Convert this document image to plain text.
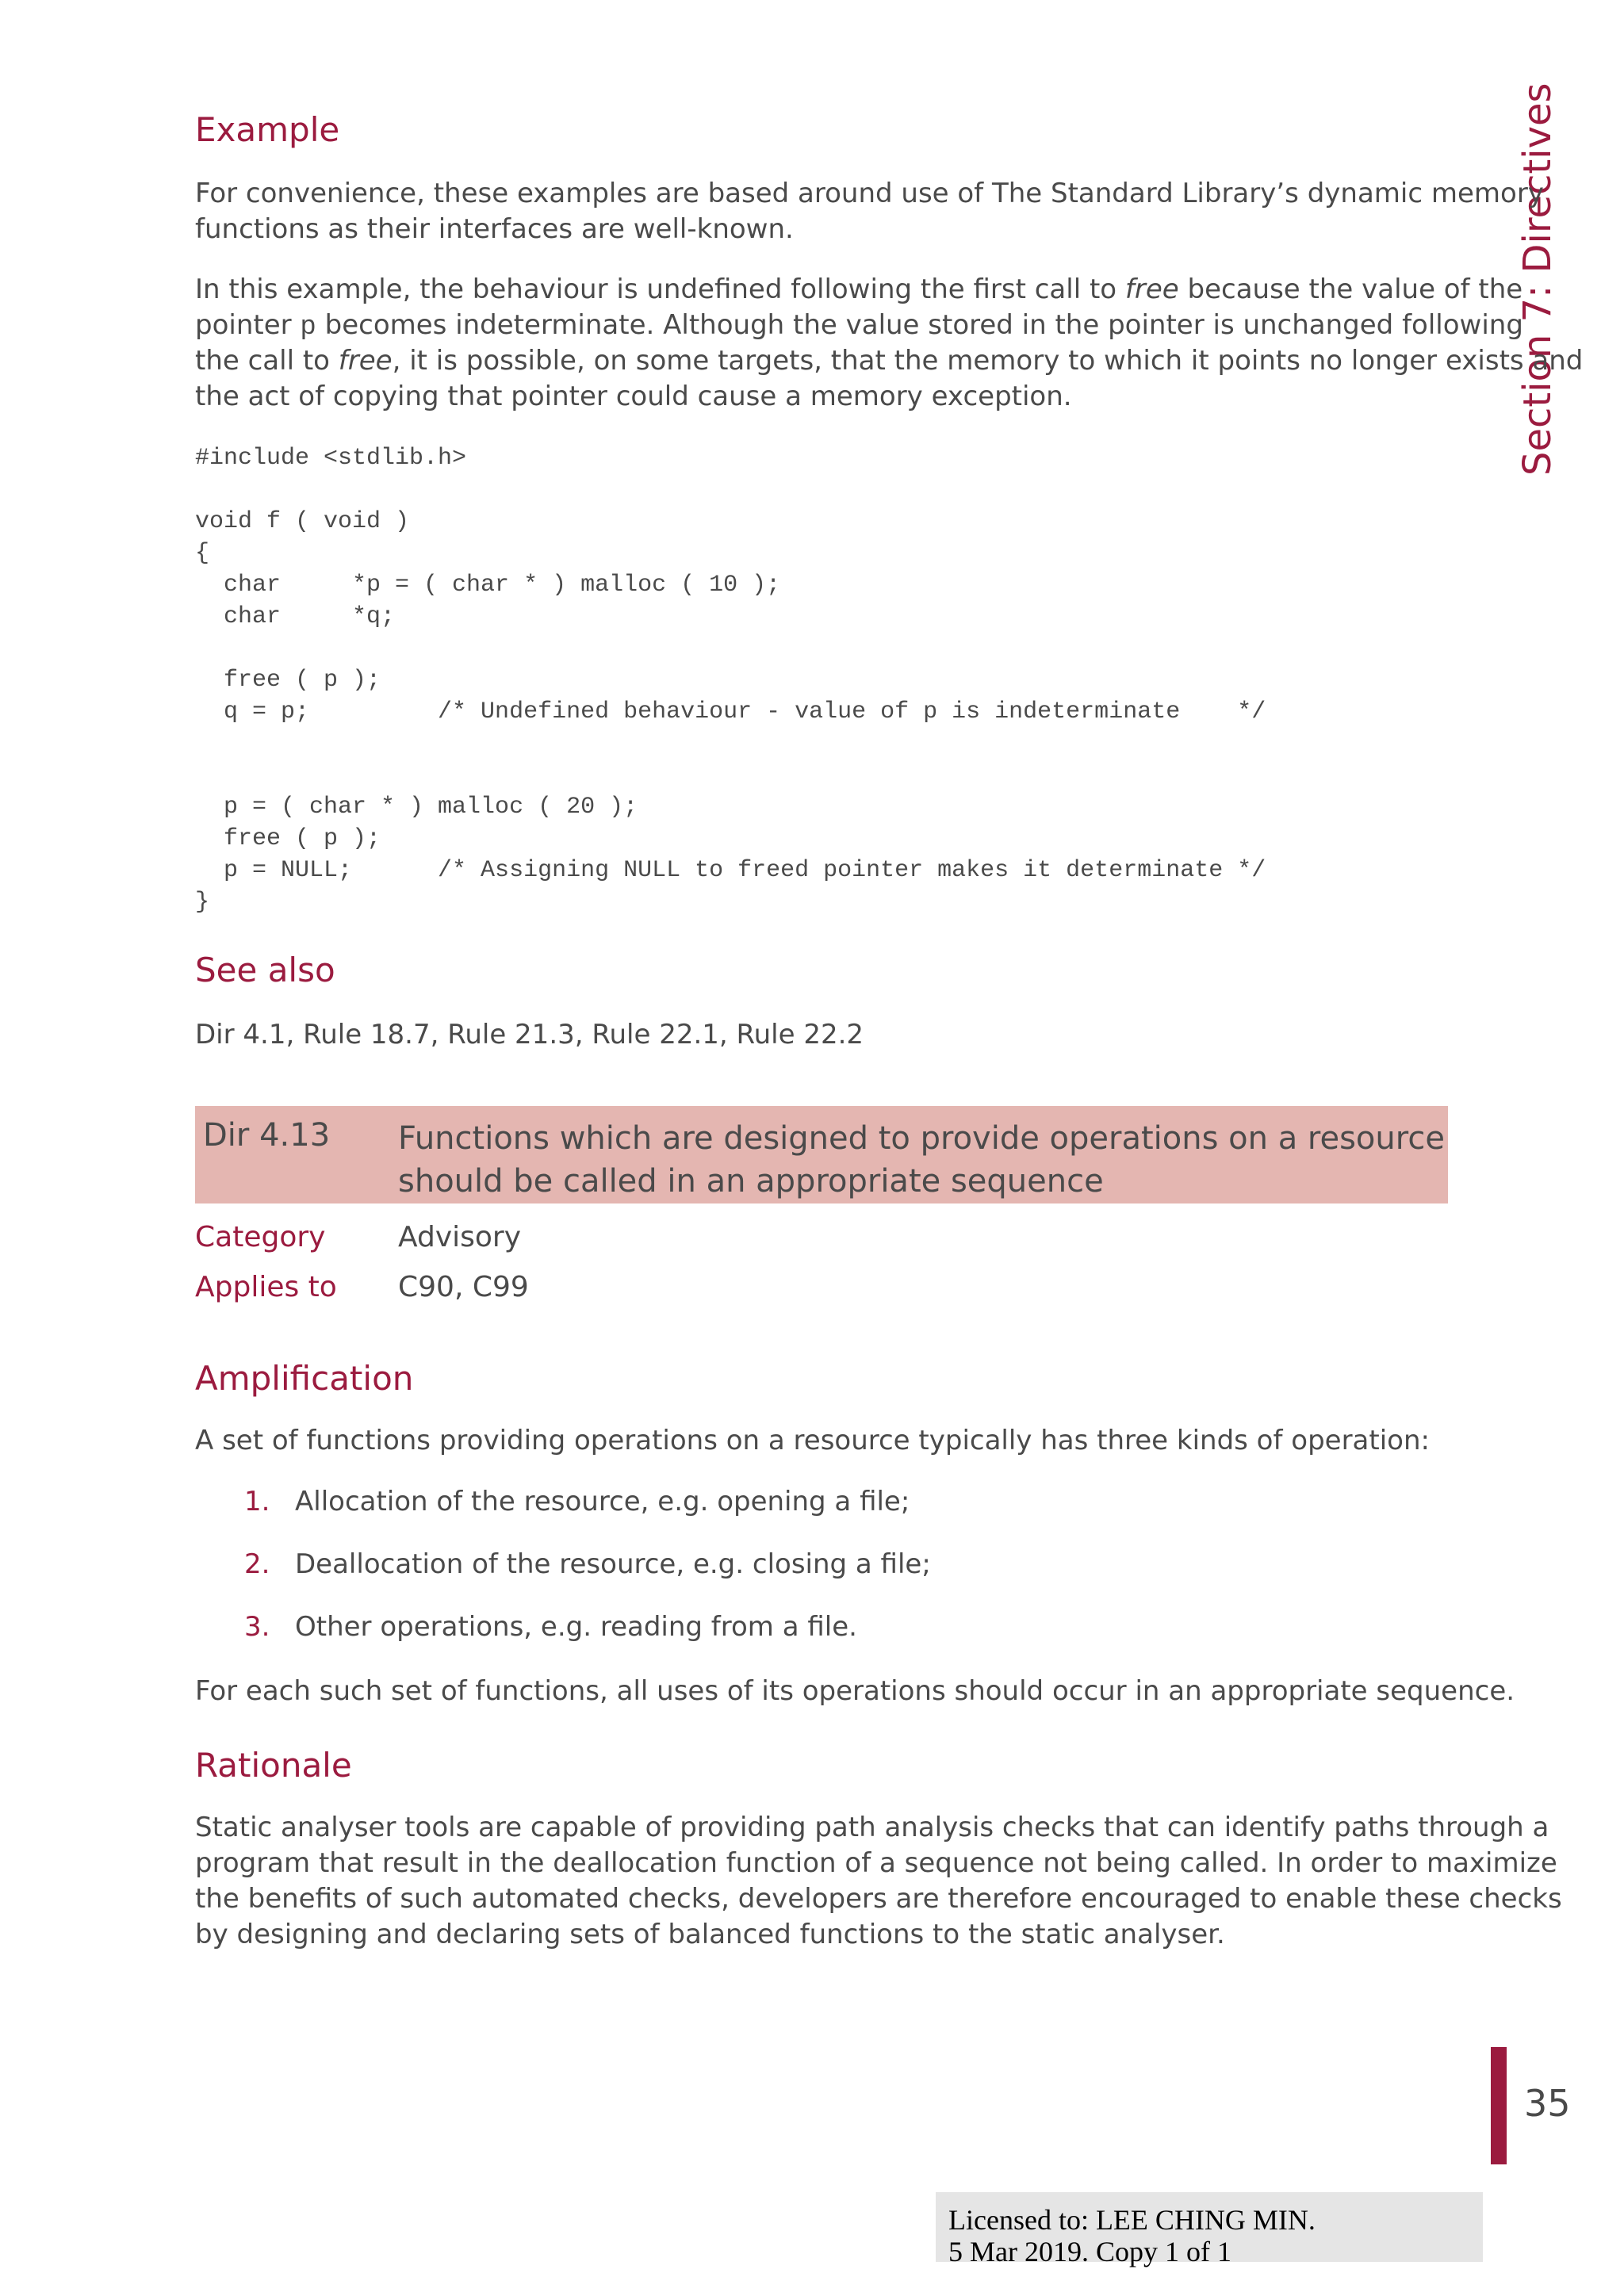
Section 7: Directives
Example
For convenience, these examples are based around use of The Standard Library’s dynamic memory
functions as their interfaces are well-known.
In this example, the behaviour is undefined following the first call to free because the value of the
pointer p becomes indeterminate. Although the value stored in the pointer is unchanged following
the call to free, it is possible, on some targets, that the memory to which it points no longer exists and
the act of copying that pointer could cause a memory exception.
#include <stdlib.h>

void f ( void )
{
char     *p = ( char * ) malloc ( 10 );
char     *q;

free ( p );
q = p;         /* Undefined behaviour - value of p is indeterminate    */

p = ( char * ) malloc ( 20 );
free ( p );
p = NULL;      /* Assigning NULL to freed pointer makes it determinate */
}
See also
Dir 4.1, Rule 18.7, Rule 21.3, Rule 22.1, Rule 22.2
Dir 4.13 Functions which are designed to provide operations on a resource
should be called in an appropriate sequence
Category	Advisory
Applies to C90, C99
Amplification
A set of functions providing operations on a resource typically has three kinds of operation:
1. Allocation of the resource, e.g. opening a file;
2. Deallocation of the resource, e.g. closing a file;
3. Other operations, e.g. reading from a file.
For each such set of functions, all uses of its operations should occur in an appropriate sequence.
Rationale
Static analyser tools are capable of providing path analysis checks that can identify paths through a
program that result in the deallocation function of a sequence not being called. In order to maximize
the benefits of such automated checks, developers are therefore encouraged to enable these checks
by designing and declaring sets of balanced functions to the static analyser.
35
Licensed to: LEE CHING MIN.
5 Mar 2019. Copy 1 of 1
